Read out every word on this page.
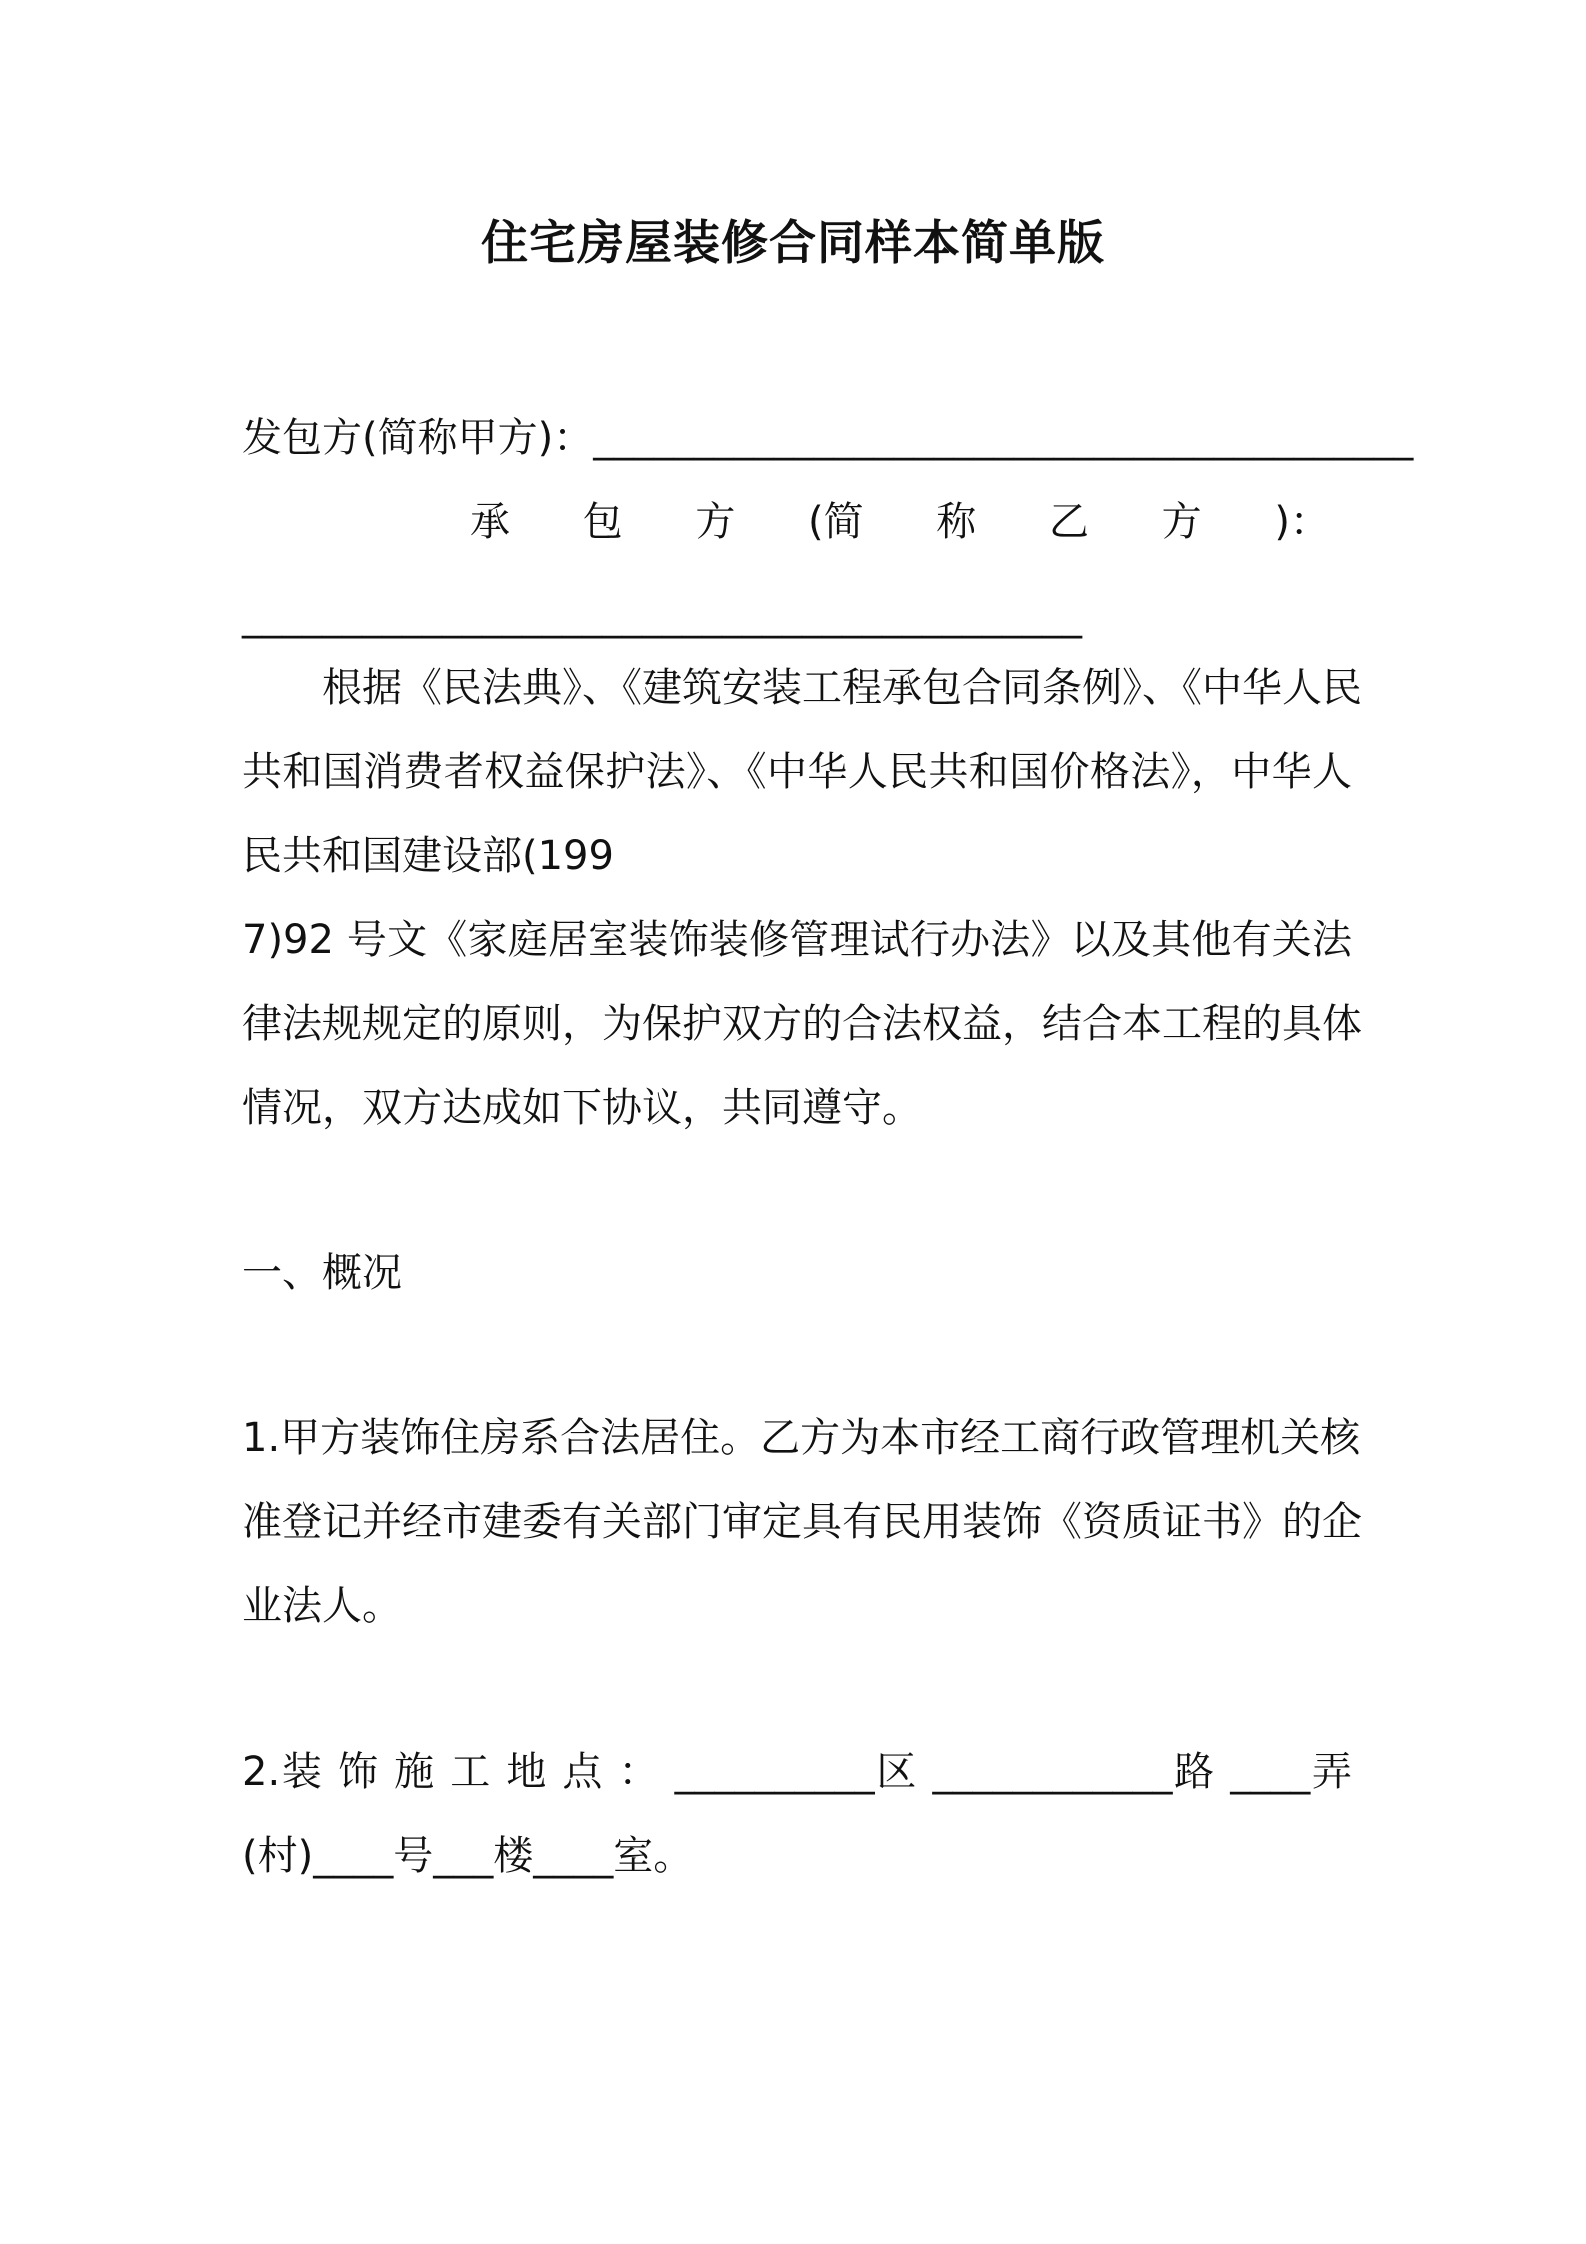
住宅房屋装修合同样本简单版

发包方(简称甲方)：_________________________________________

承 包 方 (简 称 乙 方 )：

__________________________________________

根据《民法典》、《建筑安装工程承包合同条例》、《中华人民

共和国消费者权益保护法》、《中华人民共和国价格法》，中华人

民共和国建设部(199

7)92 号文《家庭居室装饰装修管理试行办法》以及其他有关法

律法规规定的原则，为保护双方的合法权益，结合本工程的具体

情况，双方达成如下协议，共同遵守。

一、概况

1.甲方装饰住房系合法居住。乙方为本市经工商行政管理机关核

准登记并经市建委有关部门审定具有民用装饰《资质证书》的企

业法人。

2.装 饰 施 工 地 点 ： __________区 ____________路 ____弄

(村)____号___楼____室。
